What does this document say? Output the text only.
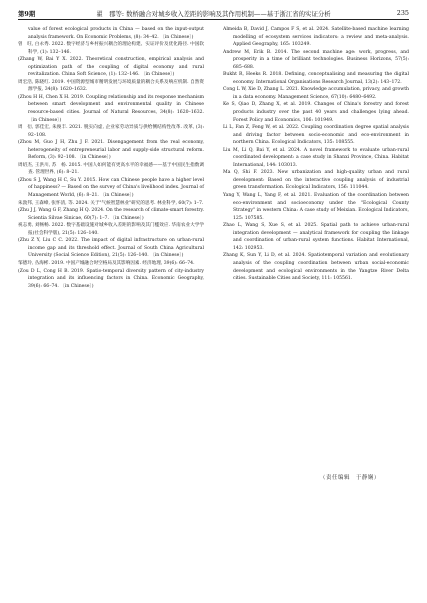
第9期	翟　郡等: 数桥融合对城乡收入差距的影响及其作用机制——基于浙江省的实证分析	235

value of forest ecological products in China — based on the input-output analysis framework. On Economic Problems, (8): 34–42. 〔in Chinese〕)

曾　旺, 白永秀. 2022. 数字经济与乡村振兴耦合的理论构建、实证评价及优化路径. 中国软科学, (1): 132–146.

(Zhang W, Bai Y X. 2022. Theoretical construction, empirical analysis and optimization path of the coupling of digital economy and rural revitalization. China Soft Science, (1): 132–146. 〔in Chinese〕)

周宏浩, 陈晓红. 2019. 中国资源型城市精明发展与环境质量的耦合关系及响应机制. 自然资源学报, 34(8): 1620–1632.

(Zhou H H, Chen X H. 2019. Coupling relationship and its response mechanism between smart development and environmental quality in Chinese resource-based cities. Journal of Natural Resources, 34(8): 1620–1632. 〔in Chinese〕)

周　衍, 郭佳宏, 朱俊丰. 2021. 脱实向虚, 企业家劳动异质与供给侧结构性改革. 改革, (3): 92–108.

(Zhou M, Guo J H, Zhu J F. 2021. Disengagement from the real economy, heterogeneity of entrepreneurial labor and supply-side structural reform. Reform, (3): 92–108. 〔in Chinese〕)

周绍杰, 王洪川, 苏　杨. 2015. 中国人如何能有更高水平的幸福感——基于中国民生指数调查. 管理世界, (6): 8–21.

(Zhou S J, Wang H C, Su Y. 2015. How can Chinese people have a higher level of happiness? — Based on the survey of China's livelihood index. Journal of Management World, (6): 8–21. 〔in Chinese〕)

朱敦邦, 王森峰, 张怀清, 等. 2024. 关于"气候智慧林业"研究的思考. 林业科学, 60(7): 1–7.

(Zhu J J, Wang G F, Zhang H Q. 2024. On the research of climate-smart forestry. Scientia Silvae Sinicae, 60(7): 1–7. 〔in Chinese〕)

祝志勇, 刘畅畅. 2022. 数字基础设施对城乡收入差距的影响及其门槛效应. 华南农业大学学报(社会科学版), 21(5): 126–140.

(Zhu Z Y, Liu C C. 2022. The impact of digital infrastructure on urban-rural income gap and its threshold effect. Journal of South China Agricultural University (Social Science Edition), 21(5): 126–140. 〔in Chinese〕)

邹德玲, 丛海彬. 2019. 中国产城融合时空格局及其影响因素. 经济地理, 39(6): 66–74.

(Zou D L, Cong H B. 2019. Spatio-temporal diversity pattern of city-industry integration and its influencing factors in China. Economic Geography, 39(6): 66–74. 〔in Chinese〕)

Almeida B, David J, Campos F S, et al. 2024. Satellite-based machine learning modelling of ecosystem services indicators: a review and meta-analysis. Applied Geography, 165: 103249.

Andrew M, Erik B. 2014. The second machine age: work, progress, and prosperity in a time of brilliant technologies. Business Horizons, 57(5): 685–688.

Bukht R, Heeks R. 2018. Defining, conceptualising and measuring the digital economy. International Organisations Research Journal, 13(2): 143–172.

Cong L W, Xie D, Zhang L. 2021. Knowledge accumulation, privacy, and growth in a data economy. Management Science, 67(10): 6480–6492.

Ke S, Qiao D, Zhang X, et al. 2019. Changes of China's forestry and forest products industry over the past 40 years and challenges lying ahead. Forest Policy and Economics, 106: 101949.

Li L, Fan Z, Feng W, et al. 2022. Coupling coordination degree spatial analysis and driving factor between socio-economic and eco-environment in northern China. Ecological Indicators, 135: 108555.

Liu M, Li Q, Bai Y, et al. 2024. A novel framework to evaluate urban-rural coordinated development: a case study in Shanxi Province, China. Habitat International, 144: 103013.

Ma Q, Shi F. 2023. New urbanization and high-quality urban and rural development: Based on the interactive coupling analysis of industrial green transformation. Ecological Indicators, 156: 111044.

Yang Y, Wang L, Yang F, et al. 2021. Evaluation of the coordination between eco-environment and socioeconomy under the "Ecological County Strategy" in western China: A case study of Meixian. Ecological Indicators, 125: 107585.

Zhao L, Wang S, Xue S, et al. 2025. Spatial path to achieve urban-rural integration development — analytical framework for coupling the linkage and coordination of urban-rural system functions. Habitat International, 142: 102953.

Zhang K, Sun Y, Li D, et al. 2024. Spatiotemporal variation and evolutionary analysis of the coupling coordination between urban social-economic development and ecological environments in the Yangtze River Delta cities. Sustainable Cities and Society, 111: 105561.

（责任编辑　于静娴）
